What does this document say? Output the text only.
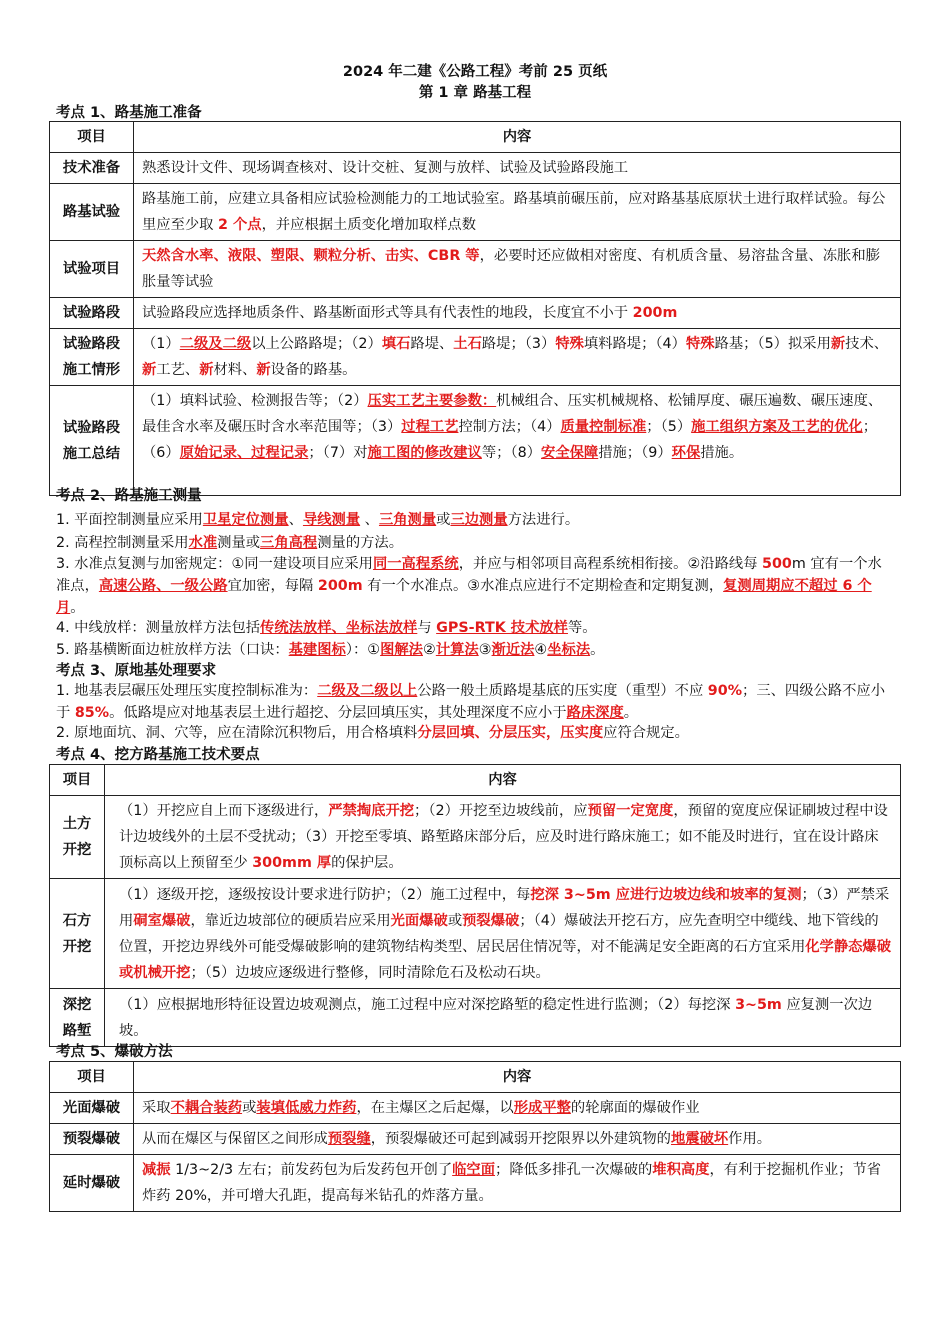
2024 年二建《公路工程》考前 25 页纸
第 1 章 路基工程
考点 1、路基施工准备
项目	内容
技术准备	熟悉设计文件、现场调查核对、设计交桩、复测与放样、试验及试验路段施工
路基试验	路基施工前，应建立具备相应试验检测能力的工地试验室。路基填前碾压前，应对路基基底原状土进行取样试验。每公里应至少取 2 个点，并应根据土质变化增加取样点数
试验项目	天然含水率、液限、塑限、颗粒分析、击实、CBR 等，必要时还应做相对密度、有机质含量、易溶盐含量、冻胀和膨胀量等试验
试验路段	试验路段应选择地质条件、路基断面形式等具有代表性的地段，长度宜不小于 200m
试验路段
施工情形	（1）二级及二级以上公路路堤；（2）填石路堤、土石路堤；（3）特殊填料路堤；（4）特殊路基；（5）拟采用新技术、新工艺、新材料、新设备的路基。
试验路段
施工总结	（1）填料试验、检测报告等；（2）压实工艺主要参数：机械组合、压实机械规格、松铺厚度、碾压遍数、碾压速度、最佳含水率及碾压时含水率范围等；（3）过程工艺控制方法；（4）质量控制标准；（5）施工组织方案及工艺的优化；（6）原始记录、过程记录；（7）对施工图的修改建议等；（8）安全保障措施；（9）环保措施。
考点 2、路基施工测量
1. 平面控制测量应采用卫星定位测量、导线测量 、三角测量或三边测量方法进行。
2. 高程控制测量采用水准测量或三角高程测量的方法。
3. 水准点复测与加密规定：①同一建设项目应采用同一高程系统，并应与相邻项目高程系统相衔接。②沿路线每 500m 宜有一个水准点，高速公路、一级公路宜加密，每隔 200m 有一个水准点。③水准点应进行不定期检查和定期复测，复测周期应不超过 6 个月。
4. 中线放样：测量放样方法包括传统法放样、坐标法放样与 GPS-RTK 技术放样等。
5. 路基横断面边桩放样方法（口诀：基建图标）：①图解法②计算法③渐近法④坐标法。
考点 3、原地基处理要求
1. 地基表层碾压处理压实度控制标准为：二级及二级以上公路一般土质路堤基底的压实度（重型）不应 90%；三、四级公路不应小于 85%。低路堤应对地基表层土进行超挖、分层回填压实，其处理深度不应小于路床深度。
2. 原地面坑、洞、穴等，应在清除沉积物后，用合格填料分层回填、分层压实，压实度应符合规定。
考点 4、挖方路基施工技术要点
项目	内容
土方
开挖	（1）开挖应自上而下逐级进行，严禁掏底开挖；（2）开挖至边坡线前，应预留一定宽度，预留的宽度应保证刷坡过程中设计边坡线外的土层不受扰动；（3）开挖至零填、路堑路床部分后，应及时进行路床施工；如不能及时进行，宜在设计路床顶标高以上预留至少 300mm 厚的保护层。
石方
开挖	（1）逐级开挖，逐级按设计要求进行防护；（2）施工过程中，每挖深 3~5m 应进行边坡边线和坡率的复测；（3）严禁采用硐室爆破，靠近边坡部位的硬质岩应采用光面爆破或预裂爆破；（4）爆破法开挖石方，应先查明空中缆线、地下管线的位置，开挖边界线外可能受爆破影响的建筑物结构类型、居民居住情况等，对不能满足安全距离的石方宜采用化学静态爆破或机械开挖；（5）边坡应逐级进行整修，同时清除危石及松动石块。
深挖
路堑	（1）应根据地形特征设置边坡观测点，施工过程中应对深挖路堑的稳定性进行监测；（2）每挖深 3~5m 应复测一次边坡。
考点 5、爆破方法
项目	内容
光面爆破	采取不耦合装药或装填低威力炸药，在主爆区之后起爆，以形成平整的轮廓面的爆破作业
预裂爆破	从而在爆区与保留区之间形成预裂缝，预裂爆破还可起到减弱开挖限界以外建筑物的地震破坏作用。
延时爆破	减振 1/3~2/3 左右；前发药包为后发药包开创了临空面；降低多排孔一次爆破的堆积高度，有利于挖掘机作业；节省炸药 20%，并可增大孔距，提高每米钻孔的炸落方量。
